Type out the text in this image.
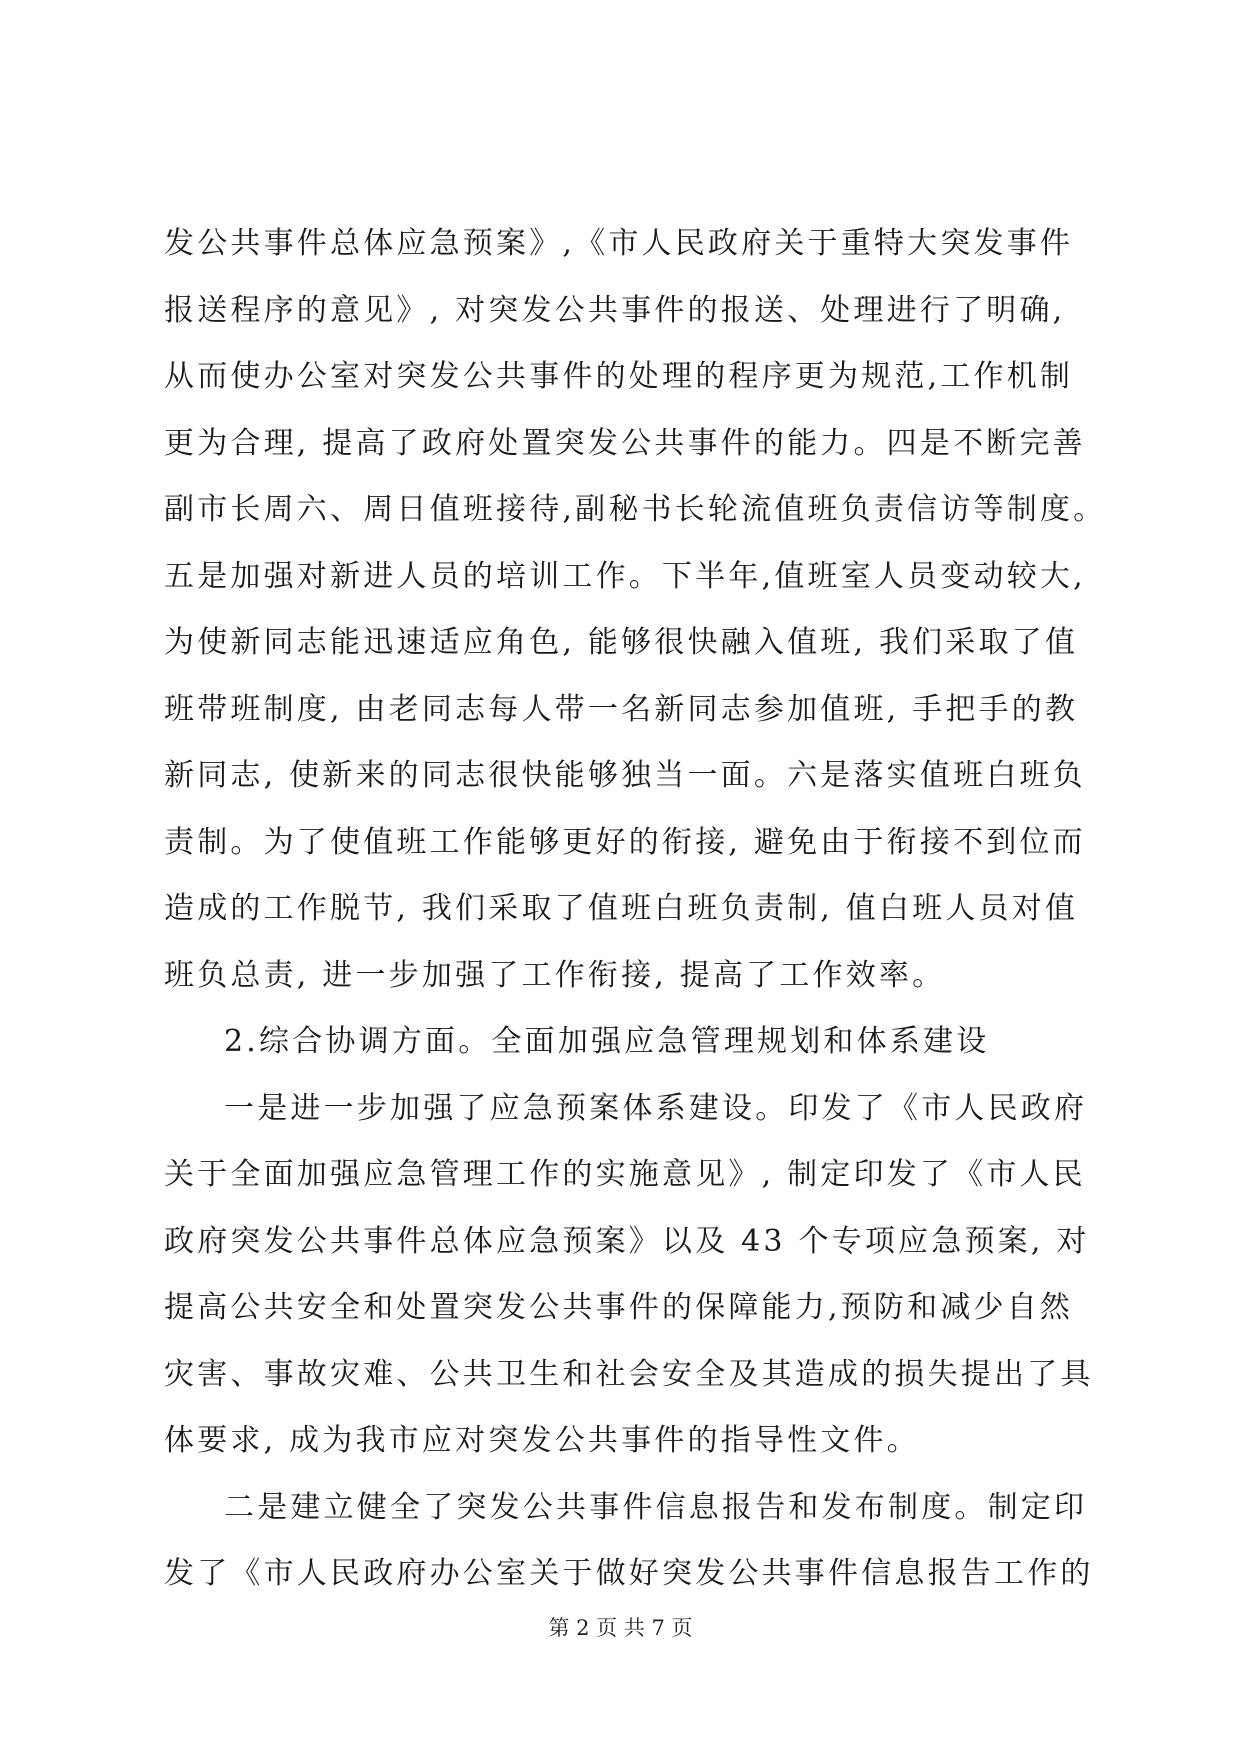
发公共事件总体应急预案》,《市人民政府关于重特大突发事件
报送程序的意见》, 对突发公共事件的报送、处理进行了明确,
从而使办公室对突发公共事件的处理的程序更为规范,工作机制
更为合理, 提高了政府处置突发公共事件的能力。四是不断完善
副市长周六、周日值班接待,副秘书长轮流值班负责信访等制度。
五是加强对新进人员的培训工作。下半年,值班室人员变动较大,
为使新同志能迅速适应角色, 能够很快融入值班, 我们采取了值
班带班制度, 由老同志每人带一名新同志参加值班, 手把手的教
新同志, 使新来的同志很快能够独当一面。六是落实值班白班负
责制。为了使值班工作能够更好的衔接, 避免由于衔接不到位而
造成的工作脱节, 我们采取了值班白班负责制, 值白班人员对值
班负总责, 进一步加强了工作衔接, 提高了工作效率。
2.综合协调方面。全面加强应急管理规划和体系建设
一是进一步加强了应急预案体系建设。印发了《市人民政府
关于全面加强应急管理工作的实施意见》, 制定印发了《市人民
政府突发公共事件总体应急预案》以及 43 个专项应急预案, 对
提高公共安全和处置突发公共事件的保障能力,预防和减少自然
灾害、事故灾难、公共卫生和社会安全及其造成的损失提出了具
体要求, 成为我市应对突发公共事件的指导性文件。
二是建立健全了突发公共事件信息报告和发布制度。制定印
发了《市人民政府办公室关于做好突发公共事件信息报告工作的
第 2 页 共 7 页
